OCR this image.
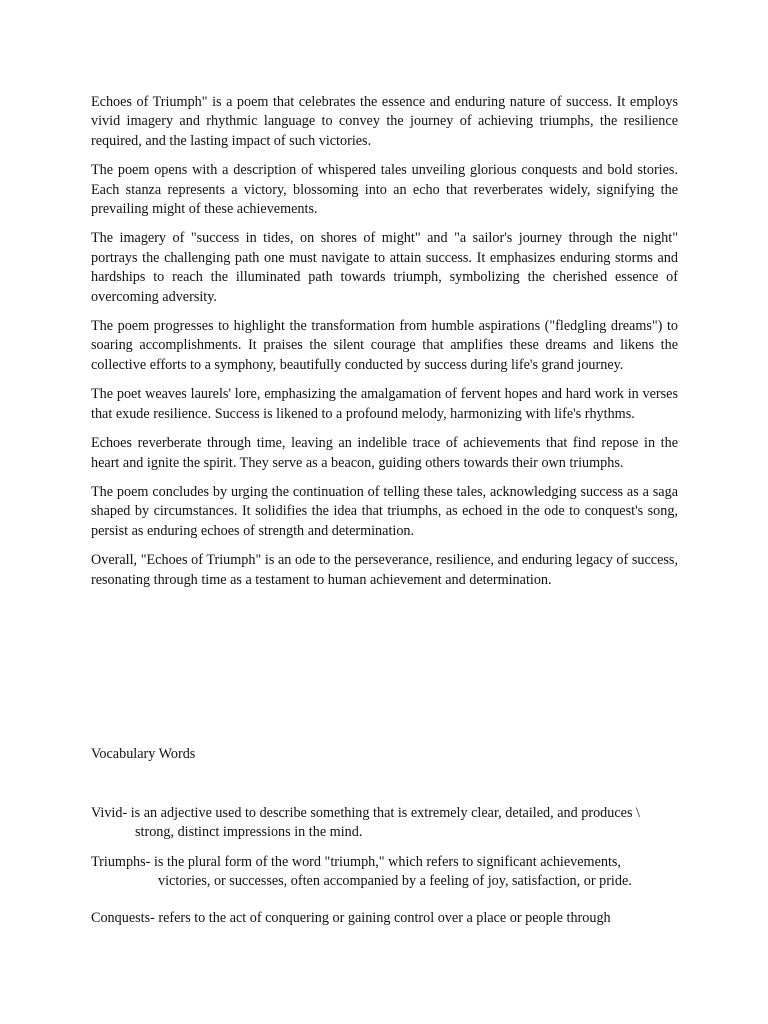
Echoes of Triumph" is a poem that celebrates the essence and enduring nature of success. It employs vivid imagery and rhythmic language to convey the journey of achieving triumphs, the resilience required, and the lasting impact of such victories.

The poem opens with a description of whispered tales unveiling glorious conquests and bold stories. Each stanza represents a victory, blossoming into an echo that reverberates widely, signifying the prevailing might of these achievements.

The imagery of "success in tides, on shores of might" and "a sailor's journey through the night" portrays the challenging path one must navigate to attain success. It emphasizes enduring storms and hardships to reach the illuminated path towards triumph, symbolizing the cherished essence of overcoming adversity.

The poem progresses to highlight the transformation from humble aspirations ("fledgling dreams") to soaring accomplishments. It praises the silent courage that amplifies these dreams and likens the collective efforts to a symphony, beautifully conducted by success during life's grand journey.

The poet weaves laurels' lore, emphasizing the amalgamation of fervent hopes and hard work in verses that exude resilience. Success is likened to a profound melody, harmonizing with life's rhythms.

Echoes reverberate through time, leaving an indelible trace of achievements that find repose in the heart and ignite the spirit. They serve as a beacon, guiding others towards their own triumphs.

The poem concludes by urging the continuation of telling these tales, acknowledging success as a saga shaped by circumstances. It solidifies the idea that triumphs, as echoed in the ode to conquest's song, persist as enduring echoes of strength and determination.

Overall, "Echoes of Triumph" is an ode to the perseverance, resilience, and enduring legacy of success, resonating through time as a testament to human achievement and determination.

Vocabulary Words

Vivid- is an adjective used to describe something that is extremely clear, detailed, and produces \
strong, distinct impressions in the mind.

Triumphs- is the plural form of the word "triumph," which refers to significant achievements,
victories, or successes, often accompanied by a feeling of joy, satisfaction, or pride.

Conquests- refers to the act of conquering or gaining control over a place or people through
